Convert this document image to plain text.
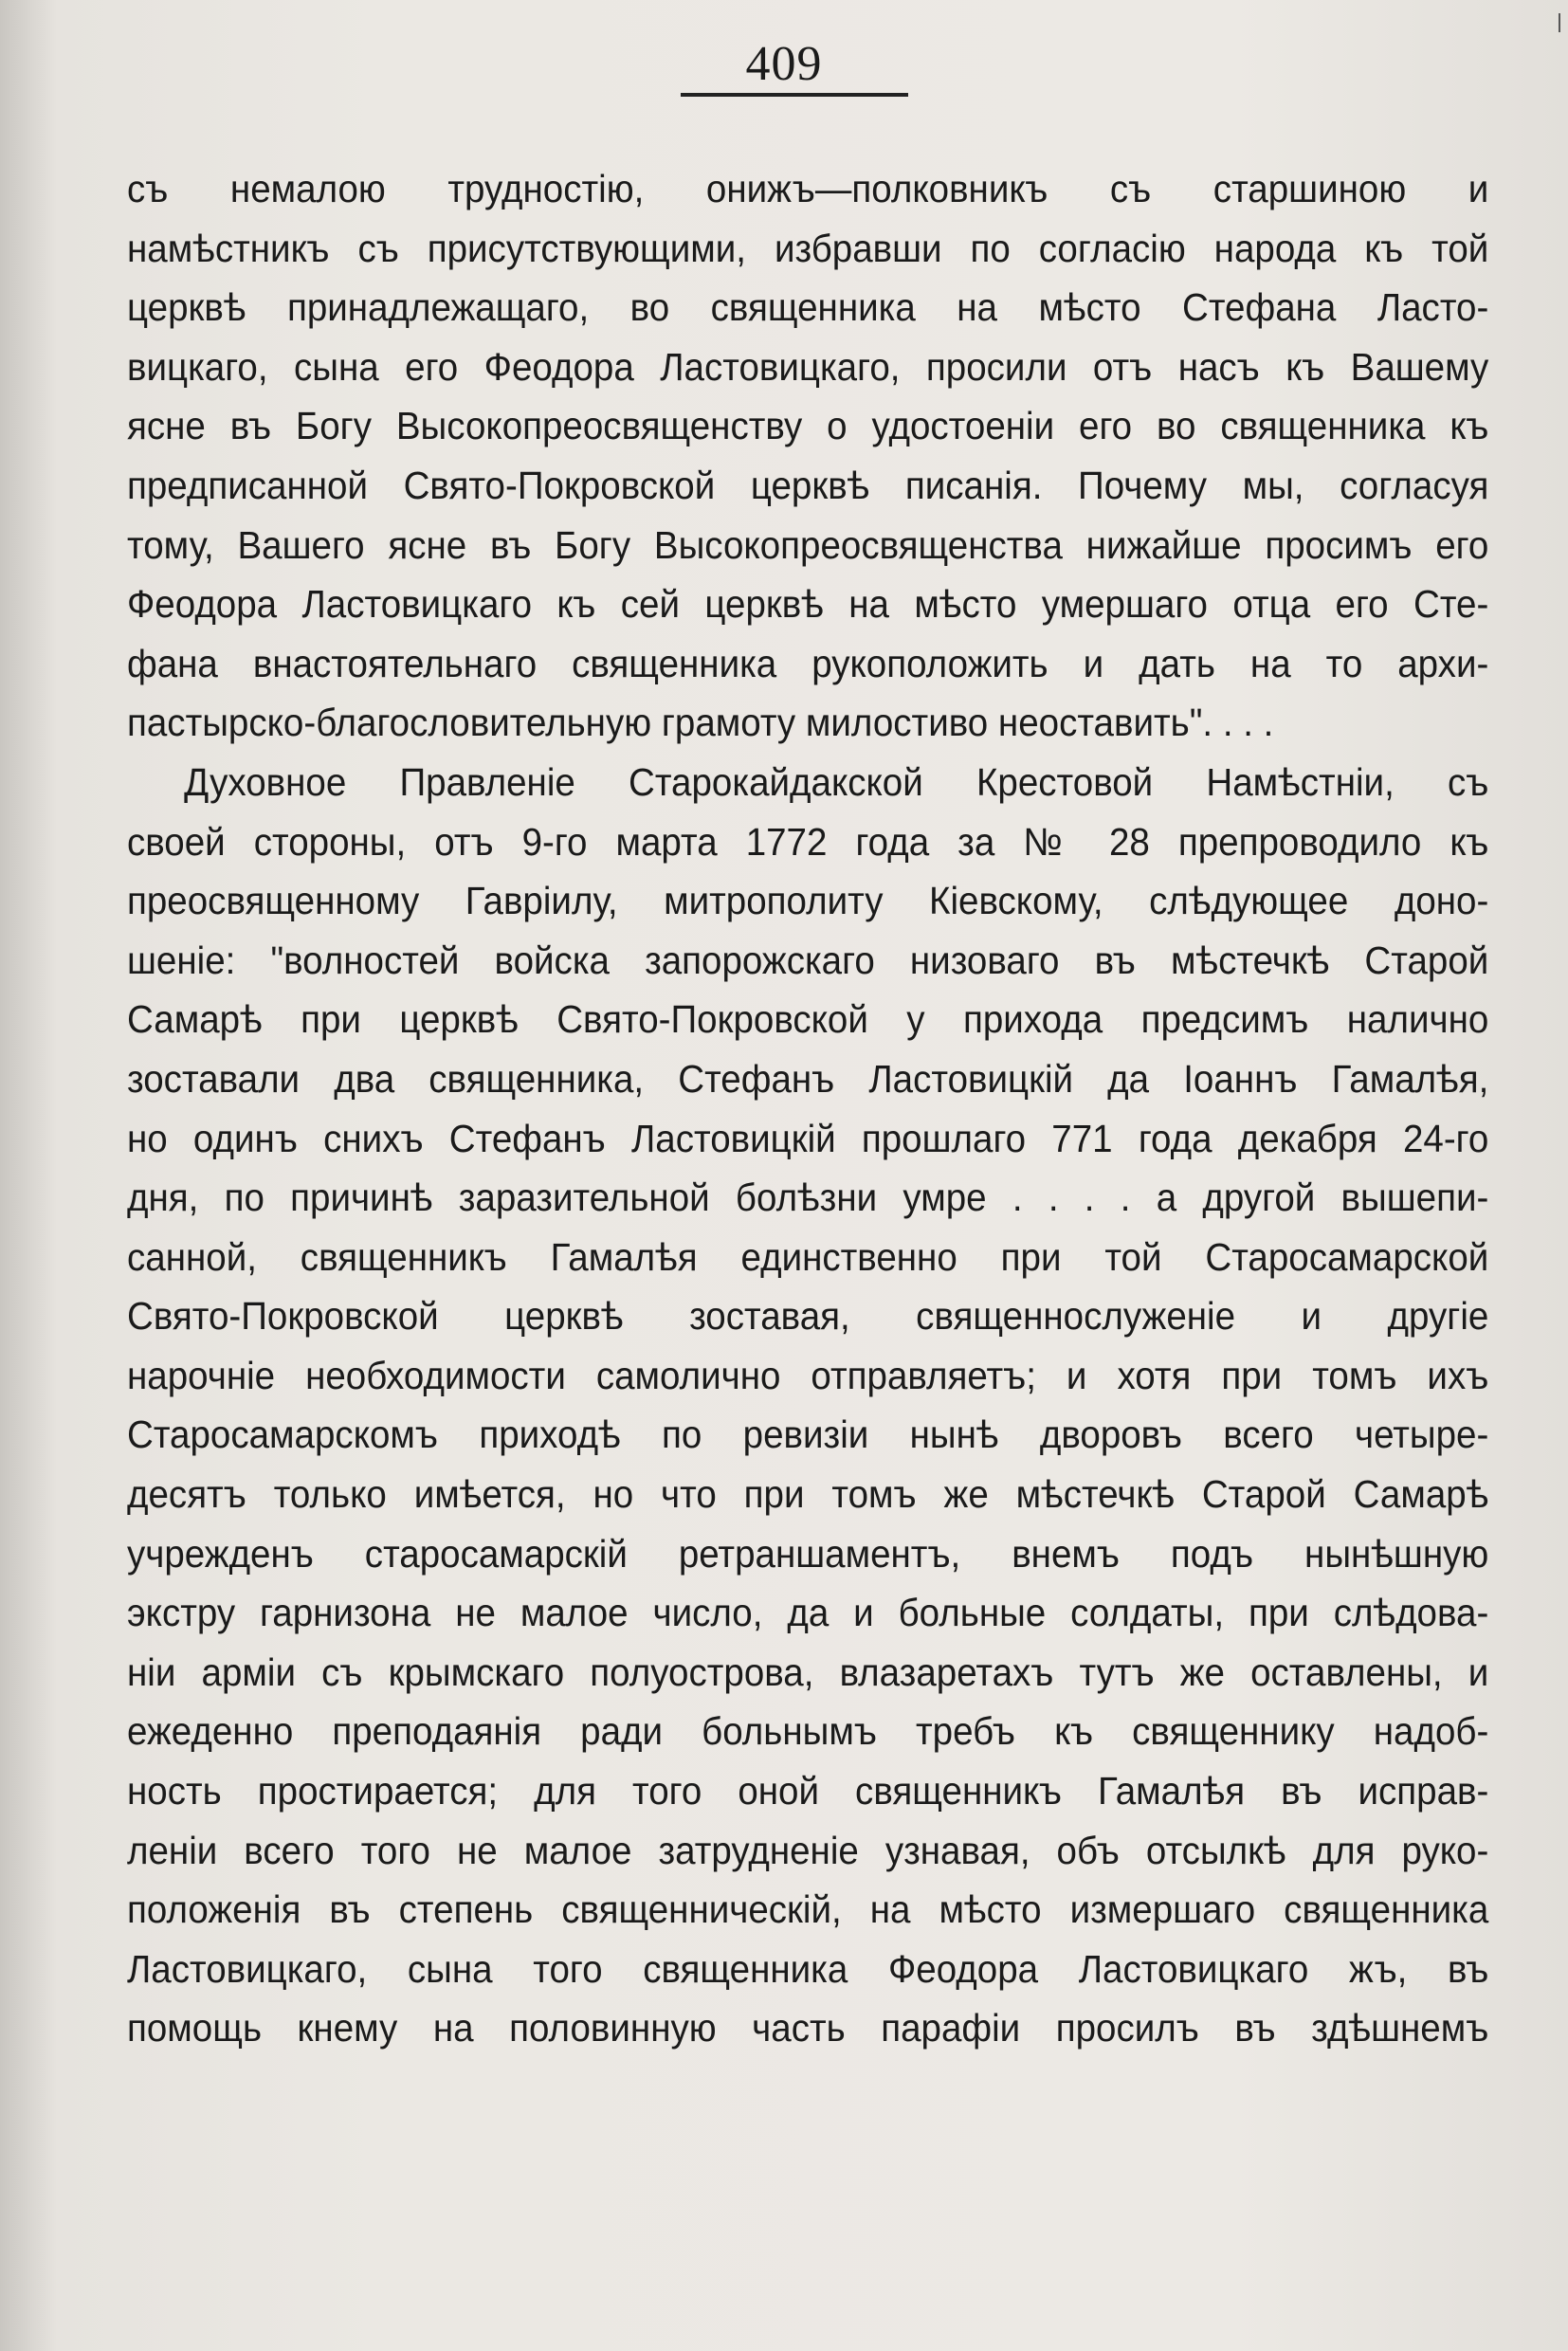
409
съ немалою трудностію, онижъ—полковникъ съ старшиною и
намѣстникъ съ присутствующими, избравши по согласію народа къ той
церквѣ принадлежащаго, во священника на мѣсто Стефана Ласто-
вицкаго, сына его Феодора Ластовицкаго, просили отъ насъ къ Вашему
ясне въ Богу Высокопреосвященству о удостоеніи его во священника къ
предписанной Свято-Покровской церквѣ писанія. Почему мы, согласуя
тому, Вашего ясне въ Богу Высокопреосвященства нижайше просимъ его
Феодора Ластовицкаго къ сей церквѣ на мѣсто умершаго отца его Сте-
фана внастоятельнаго священника рукоположить и дать на то архи-
пастырско-благословительную грамоту милостиво неоставить". . . .
Духовное Правленіе Старокайдакской Крестовой Намѣстніи, съ
своей стороны, отъ 9-го марта 1772 года за № 28 препроводило къ
преосвященному Гавріилу, митрополиту Кіевскому, слѣдующее доно-
шеніе: "волностей войска запорожскаго низоваго въ мѣстечкѣ Старой
Самарѣ при церквѣ Свято-Покровской у прихода предсимъ налично
зоставали два священника, Стефанъ Ластовицкій да Іоаннъ Гамалѣя,
но одинъ снихъ Стефанъ Ластовицкій прошлаго 771 года декабря 24-го
дня, по причинѣ заразительной болѣзни умре . . . . а другой вышепи-
санной, священникъ Гамалѣя единственно при той Старосамарской
Свято-Покровской церквѣ зоставая, священнослуженіе и другіе
нарочніе необходимости самолично отправляетъ; и хотя при томъ ихъ
Старосамарскомъ приходѣ по ревизіи нынѣ дворовъ всего четыре-
десятъ только имѣется, но что при томъ же мѣстечкѣ Старой Самарѣ
учрежденъ старосамарскій ретраншаментъ, внемъ подъ нынѣшную
экстру гарнизона не малое число, да и больные солдаты, при слѣдова-
ніи арміи съ крымскаго полуострова, влазаретахъ тутъ же оставлены, и
ежеденно преподаянія ради больнымъ требъ къ священнику надоб-
ность простирается; для того оной священникъ Гамалѣя въ исправ-
леніи всего того не малое затрудненіе узнавая, объ отсылкѣ для руко-
положенія въ степень священническій, на мѣсто измершаго священника
Ластовицкаго, сына того священника Феодора Ластовицкаго жъ, въ
помощь кнему на половинную часть парафіи просилъ въ здѣшнемъ
